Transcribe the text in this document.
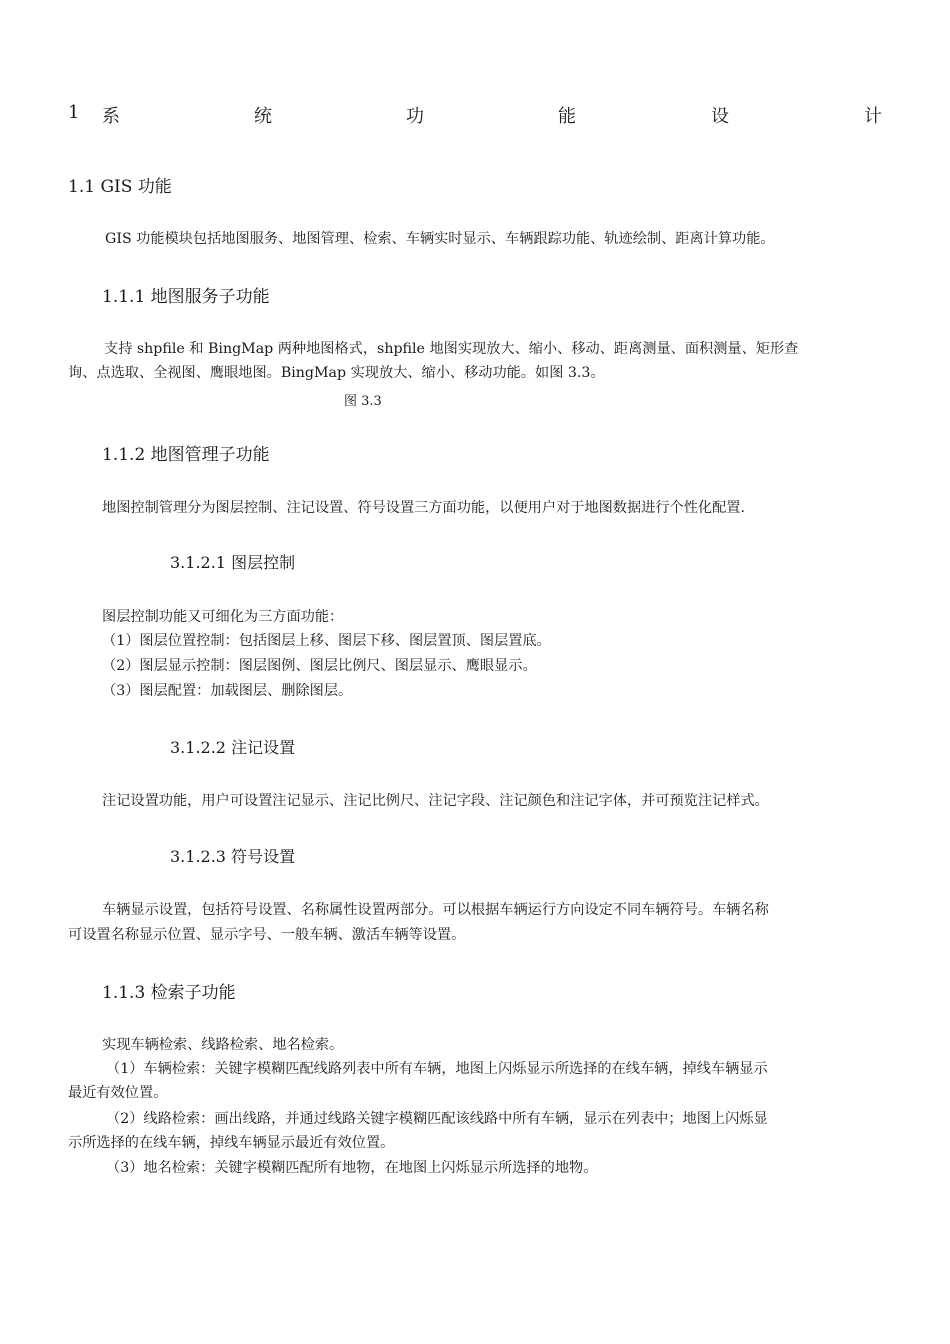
1 系	统	功	能	设	计
1.1 GIS 功能
GIS 功能模块包括地图服务、地图管理、检索、车辆实时显示、车辆跟踪功能、轨迹绘制、距离计算功能。
1.1.1 地图服务子功能
支持 shpfile 和 BingMap 两种地图格式，shpfile 地图实现放大、缩小、移动、距离测量、面积测量、矩形查
询、点选取、全视图、鹰眼地图。BingMap 实现放大、缩小、移动功能。如图 3.3。
图 3.3
1.1.2 地图管理子功能
地图控制管理分为图层控制、注记设置、符号设置三方面功能，以便用户对于地图数据进行个性化配置.
3.1.2.1 图层控制
图层控制功能又可细化为三方面功能：
（1）图层位置控制：包括图层上移、图层下移、图层置顶、图层置底。
（2）图层显示控制：图层图例、图层比例尺、图层显示、鹰眼显示。
（3）图层配置：加载图层、删除图层。
3.1.2.2 注记设置
注记设置功能，用户可设置注记显示、注记比例尺、注记字段、注记颜色和注记字体，并可预览注记样式。
3.1.2.3 符号设置
车辆显示设置，包括符号设置、名称属性设置两部分。可以根据车辆运行方向设定不同车辆符号。车辆名称
可设置名称显示位置、显示字号、一般车辆、激活车辆等设置。
1.1.3 检索子功能
实现车辆检索、线路检索、地名检索。
（1）车辆检索：关键字模糊匹配线路列表中所有车辆，地图上闪烁显示所选择的在线车辆，掉线车辆显示
最近有效位置。
（2）线路检索：画出线路，并通过线路关键字模糊匹配该线路中所有车辆，显示在列表中；地图上闪烁显
示所选择的在线车辆，掉线车辆显示最近有效位置。
（3）地名检索：关键字模糊匹配所有地物，在地图上闪烁显示所选择的地物。
